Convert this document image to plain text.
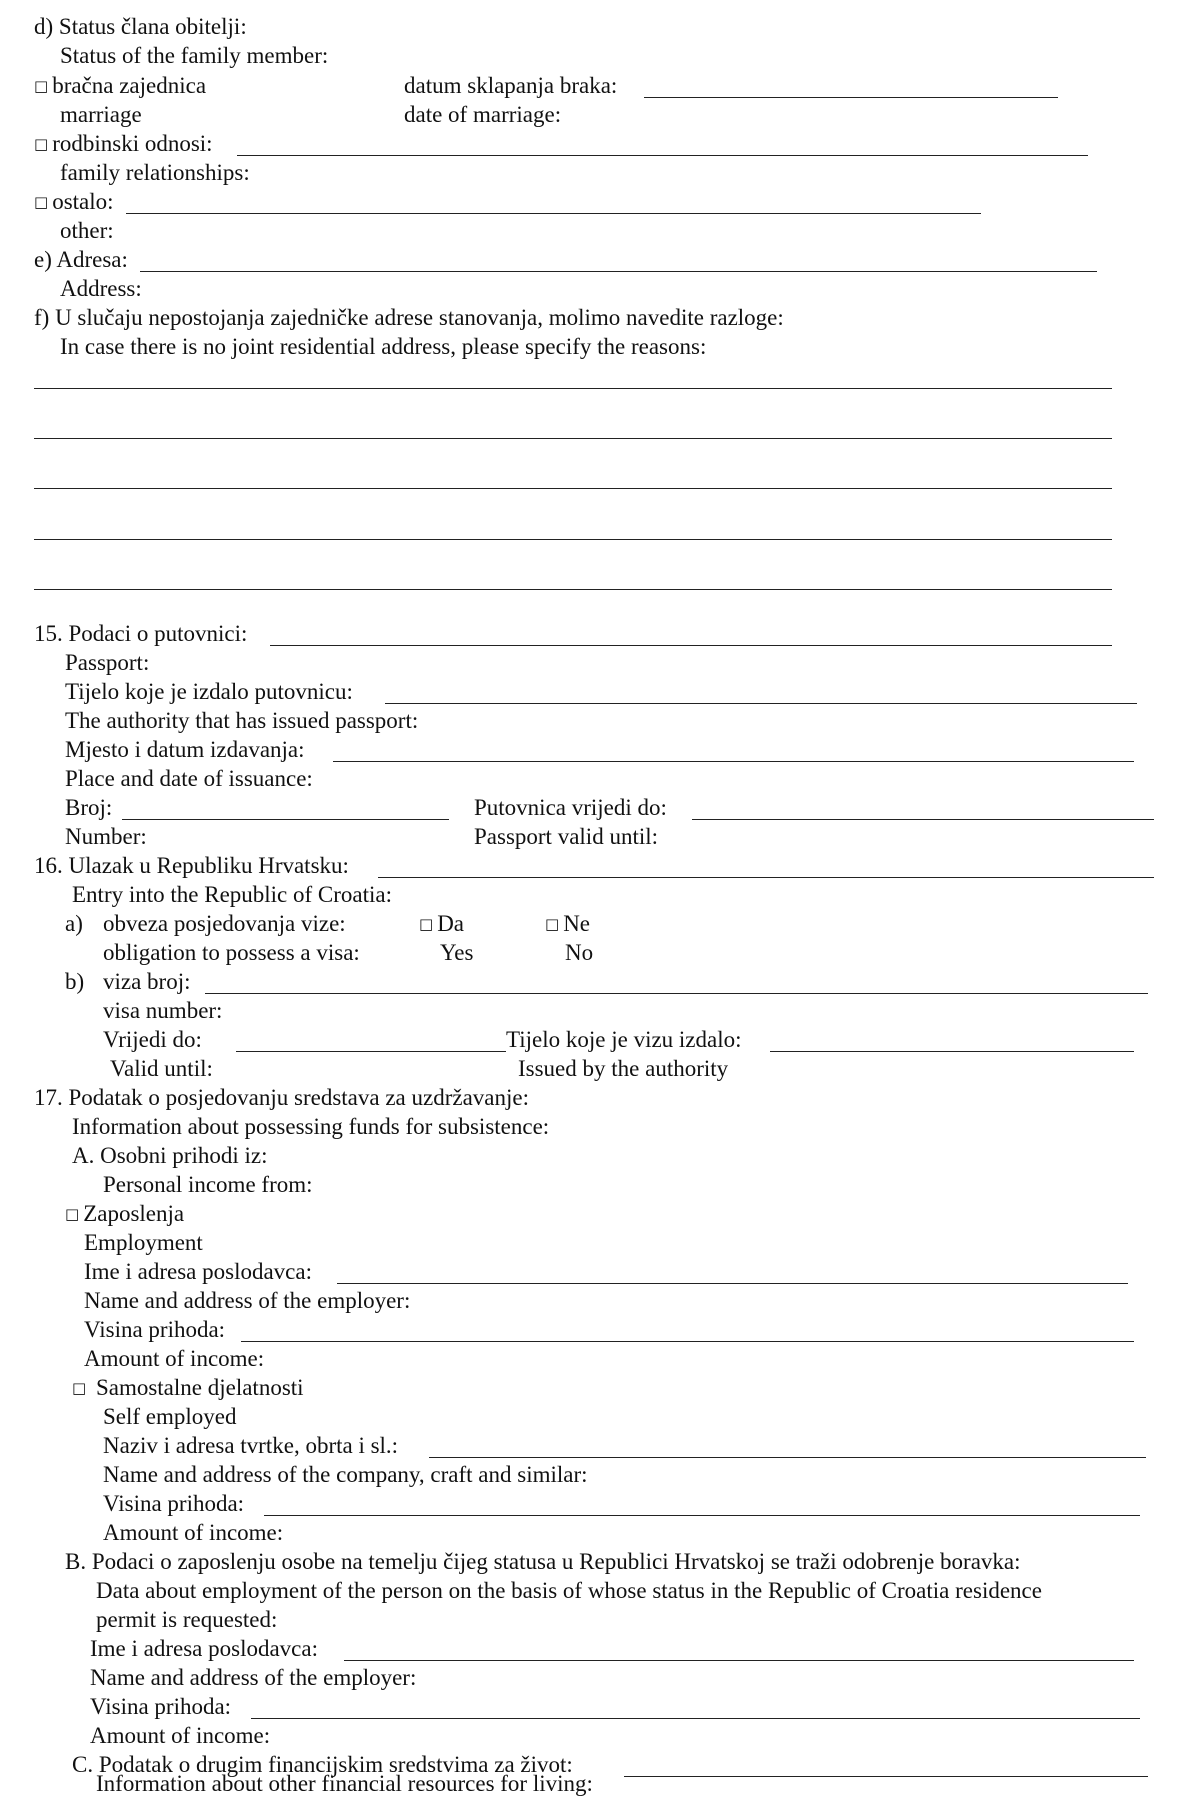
d) Status člana obitelji:
Status of the family member:
□ bračna zajednica	datum sklapanja braka:
marriage	date of marriage:
□ rodbinski odnosi:
family relationships:
□ ostalo:
other:
e) Adresa:
Address:
f) U slučaju nepostojanja zajedničke adrese stanovanja, molimo navedite razloge:
In case there is no joint residential address, please specify the reasons:
15. Podaci o putovnici:
Passport:
Tijelo koje je izdalo putovnicu:
The authority that has issued passport:
Mjesto i datum izdavanja:
Place and date of issuance:
Broj:	Putovnica vrijedi do:
Number:	Passport valid until:
16. Ulazak u Republiku Hrvatsku:
Entry into the Republic of Croatia:
a) obveza posjedovanja vize:	□ Da	□ Ne
obligation to possess a visa:	Yes	No
b) viza broj:
visa number:
Vrijedi do:	Tijelo koje je vizu izdalo:
Valid until:	Issued by the authority
17. Podatak o posjedovanju sredstava za uzdržavanje:
Information about possessing funds for subsistence:
A. Osobni prihodi iz:
Personal income from:
□ Zaposlenja
Employment
Ime i adresa poslodavca:
Name and address of the employer:
Visina prihoda:
Amount of income:
□ Samostalne djelatnosti
Self employed
Naziv i adresa tvrtke, obrta i sl.:
Name and address of the company, craft and similar:
Visina prihoda:
Amount of income:
B. Podaci o zaposlenju osobe na temelju čijeg statusa u Republici Hrvatskoj se traži odobrenje boravka:
Data about employment of the person on the basis of whose status in the Republic of Croatia residence
permit is requested:
Ime i adresa poslodavca:
Name and address of the employer:
Visina prihoda:
Amount of income:
C. Podatak o drugim financijskim sredstvima za život:
Information about other financial resources for living:
